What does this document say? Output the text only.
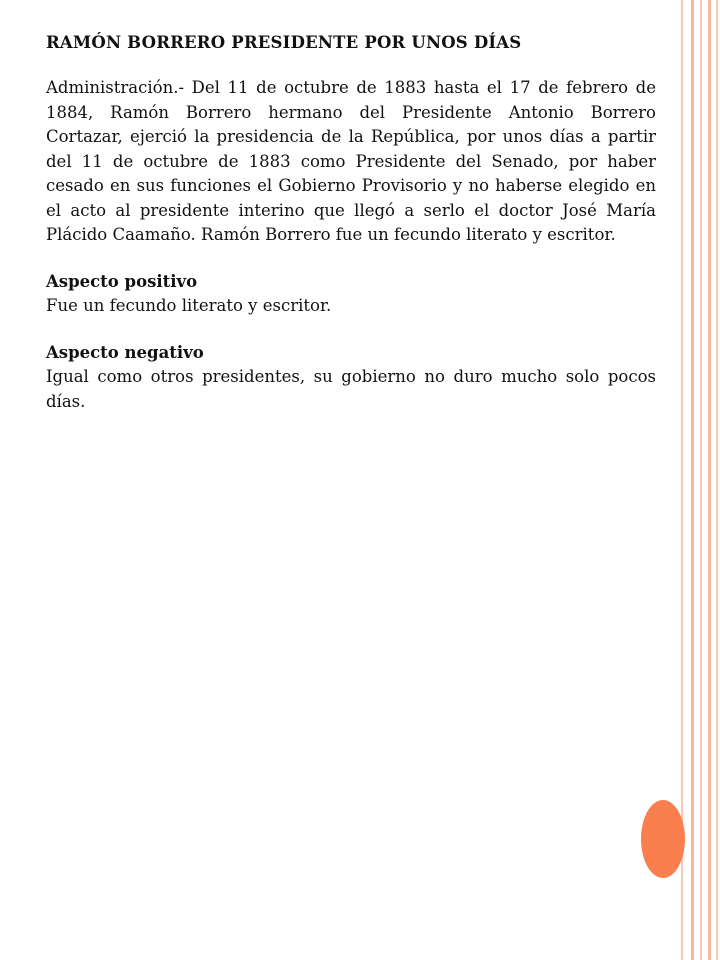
RAMÓN BORRERO PRESIDENTE POR UNOS DÍAS
Administración.- Del 11 de octubre de 1883 hasta el 17 de febrero de 1884, Ramón Borrero hermano del Presidente Antonio Borrero Cortazar, ejerció la presidencia de la República, por unos días a partir del 11 de octubre de 1883 como Presidente del Senado, por haber cesado en sus funciones el Gobierno Provisorio y no haberse elegido en el acto al presidente interino que llegó a serlo el doctor José María Plácido Caamaño. Ramón Borrero fue un fecundo literato y escritor.
Aspecto positivo
Fue un fecundo literato y escritor.
Aspecto negativo
Igual como otros presidentes, su gobierno no duro mucho solo pocos días.
